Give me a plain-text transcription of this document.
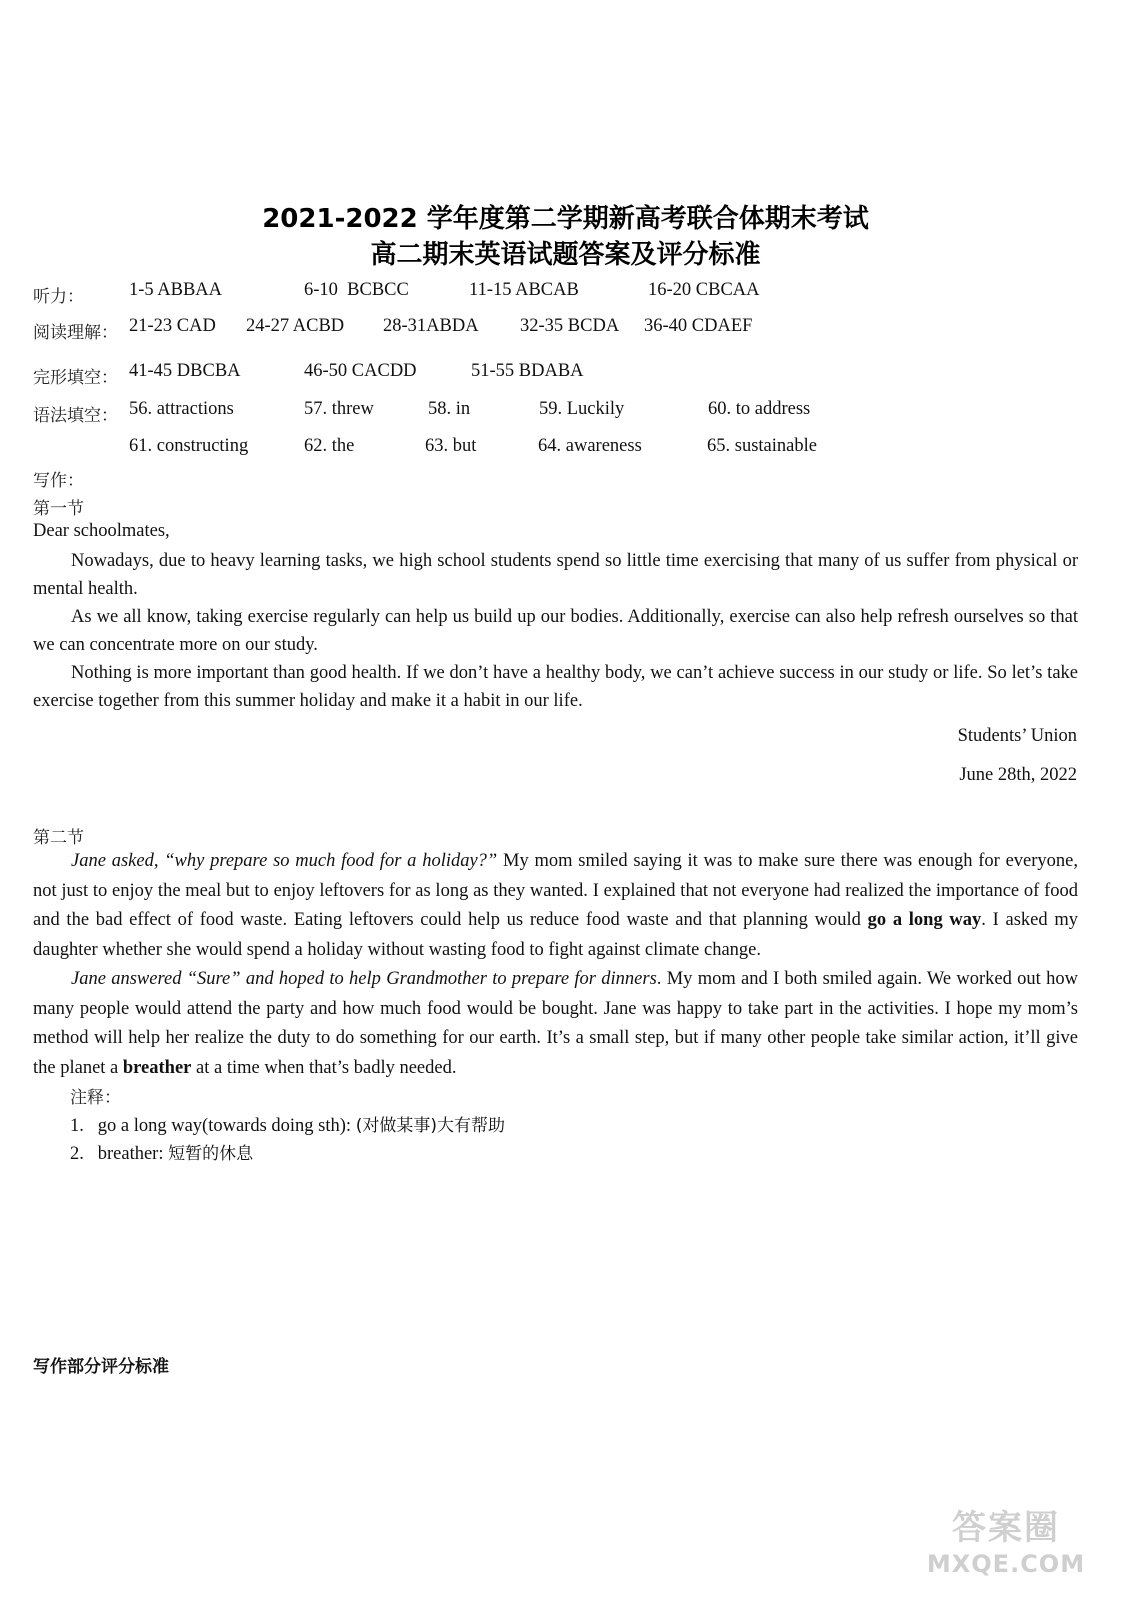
2021-2022 学年度第二学期新高考联合体期末考试
高二期末英语试题答案及评分标准
听力： 1-5 ABBAA	6-10  BCBCC	11-15 ABCAB	16-20 CBCAA
阅读理解： 21-23 CAD 24-27 ACBD 28-31ABDA 32-35 BCDA 36-40 CDAEF
完形填空： 41-45 DBCBA	46-50 CACDD	51-55 BDABA
语法填空： 56. attractions	57. threw	58. in	59. Luckily	60. to address
61. constructing	62. the	63. but	64. awareness	65. sustainable
写作：
第一节
Dear schoolmates,

Nowadays, due to heavy learning tasks, we high school students spend so little time exercising that many of us suffer from physical or mental health.

As we all know, taking exercise regularly can help us build up our bodies. Additionally, exercise can also help refresh ourselves so that we can concentrate more on our study.

Nothing is more important than good health. If we don’t have a healthy body, we can’t achieve success in our study or life. So let’s take exercise together from this summer holiday and make it a habit in our life.

Students’ Union
June 28th, 2022
第二节

Jane asked, “why prepare so much food for a holiday?” My mom smiled saying it was to make sure there was enough for everyone, not just to enjoy the meal but to enjoy leftovers for as long as they wanted. I explained that not everyone had realized the importance of food and the bad effect of food waste. Eating leftovers could help us reduce food waste and that planning would go a long way. I asked my daughter whether she would spend a holiday without wasting food to fight against climate change.

Jane answered “Sure” and hoped to help Grandmother to prepare for dinners. My mom and I both smiled again. We worked out how many people would attend the party and how much food would be bought. Jane was happy to take part in the activities. I hope my mom’s method will help her realize the duty to do something for our earth. It’s a small step, but if many other people take similar action, it’ll give the planet a breather at a time when that’s badly needed.

注释：
1. go a long way(towards doing sth): (对做某事)大有帮助
2. breather: 短暂的休息
写作部分评分标准
答案圈
MXQE.COM
